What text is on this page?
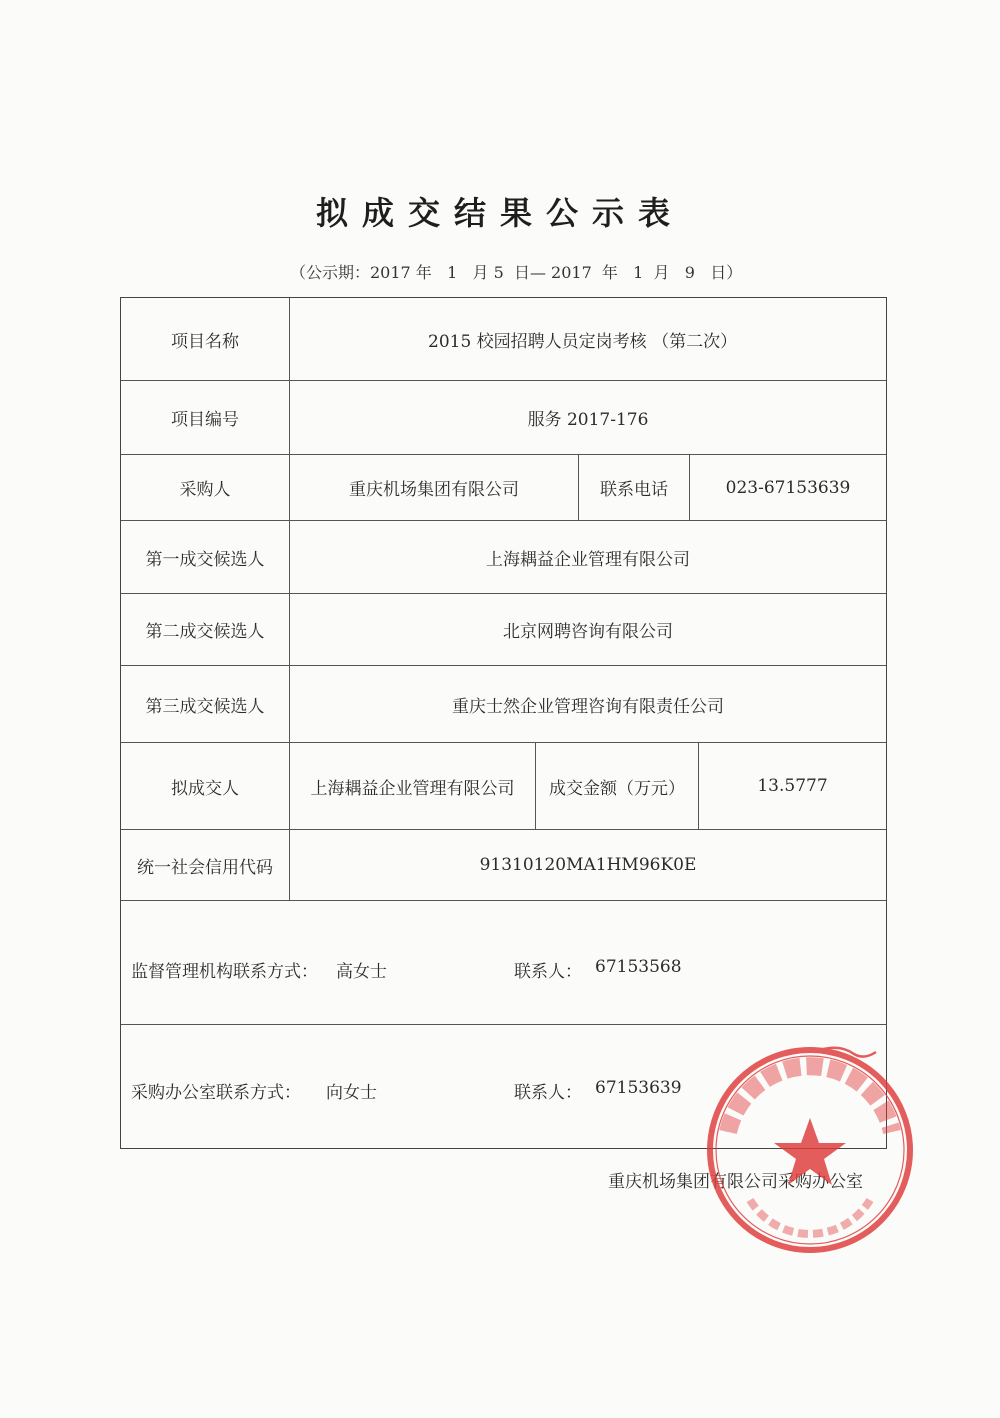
拟成交结果公示表
（公示期：2017 年   1   月 5  日— 2017  年   1  月   9   日）
项目名称	2015 校园招聘人员定岗考核 （第二次）
项目编号	服务 2017-176
采购人	重庆机场集团有限公司	联系电话	023-67153639
第一成交候选人	上海耦益企业管理有限公司
第二成交候选人	北京网聘咨询有限公司
第三成交候选人	重庆士然企业管理咨询有限责任公司
拟成交人	上海耦益企业管理有限公司	成交金额（万元）	13.5777
统一社会信用代码	91310120MA1HM96K0E
监督管理机构联系方式： 高女士	联系人： 67153568
采购办公室联系方式： 向女士	联系人： 67153639
重庆机场集团有限公司采购办公室
